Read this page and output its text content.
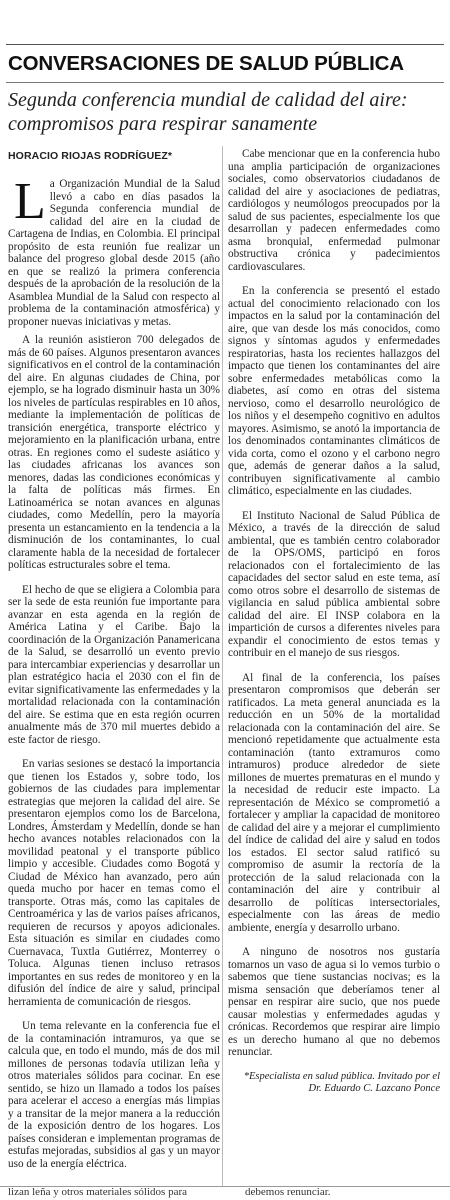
CONVERSACIONES DE SALUD PÚBLICA
Segunda conferencia mundial de calidad del aire: compromisos para respirar sanamente
HORACIO RIOJAS RODRÍGUEZ*

La Organización Mundial de la Salud llevó a cabo en días pasados la Segunda conferencia mundial de calidad del aire en la ciudad de Cartagena de Indias, en Colombia. El principal propósito de esta reunión fue realizar un balance del progreso global desde 2015 (año en que se realizó la primera conferencia después de la aprobación de la resolución de la Asamblea Mundial de la Salud con respecto al problema de la contaminación atmosférica) y proponer nuevas iniciativas y metas.

A la reunión asistieron 700 delegados de más de 60 países. Algunos presentaron avances significativos en el control de la contaminación del aire. En algunas ciudades de China, por ejemplo, se ha logrado disminuir hasta un 30% los niveles de partículas respirables en 10 años, mediante la implementación de políticas de transición energética, transporte eléctrico y mejoramiento en la planificación urbana, entre otras. En regiones como el sudeste asiático y las ciudades africanas los avances son menores, dadas las condiciones económicas y la falta de políticas más firmes. En Latinoamérica se notan avances en algunas ciudades, como Medellín, pero la mayoría presenta un estancamiento en la tendencia a la disminución de los contaminantes, lo cual claramente habla de la necesidad de fortalecer políticas estructurales sobre el tema.

El hecho de que se eligiera a Colombia para ser la sede de esta reunión fue importante para avanzar en esta agenda en la región de América Latina y el Caribe. Bajo la coordinación de la Organización Panamericana de la Salud, se desarrolló un evento previo para intercambiar experiencias y desarrollar un plan estratégico hacia el 2030 con el fin de evitar significativamente las enfermedades y la mortalidad relacionada con la contaminación del aire. Se estima que en esta región ocurren anualmente más de 370 mil muertes debido a este factor de riesgo.

En varias sesiones se destacó la importancia que tienen los Estados y, sobre todo, los gobiernos de las ciudades para implementar estrategias que mejoren la calidad del aire. Se presentaron ejemplos como los de Barcelona, Londres, Ámsterdam y Medellín, donde se han hecho avances notables relacionados con la movilidad peatonal y el transporte público limpio y accesible. Ciudades como Bogotá y Ciudad de México han avanzado, pero aún queda mucho por hacer en temas como el transporte. Otras más, como las capitales de Centroamérica y las de varios países africanos, requieren de recursos y apoyos adicionales. Esta situación es similar en ciudades como Cuernavaca, Tuxtla Gutiérrez, Monterrey o Toluca. Algunas tienen incluso retrasos importantes en sus redes de monitoreo y en la difusión del índice de aire y salud, principal herramienta de comunicación de riesgos.

Un tema relevante en la conferencia fue el de la contaminación intramuros, ya que se calcula que, en todo el mundo, más de dos mil millones de personas todavía utilizan leña y otros materiales sólidos para cocinar. En ese sentido, se hizo un llamado a todos los países para acelerar el acceso a energías más limpias y a transitar de la mejor manera a la reducción de la exposición dentro de los hogares. Los países consideran e implementan programas de estufas mejoradas, subsidios al gas y un mayor uso de la energía eléctrica.

Cabe mencionar que en la conferencia hubo una amplia participación de organizaciones sociales, como observatorios ciudadanos de calidad del aire y asociaciones de pediatras, cardiólogos y neumólogos preocupados por la salud de sus pacientes, especialmente los que desarrollan y padecen enfermedades como asma bronquial, enfermedad pulmonar obstructiva crónica y padecimientos cardiovasculares.

En la conferencia se presentó el estado actual del conocimiento relacionado con los impactos en la salud por la contaminación del aire, que van desde los más conocidos, como signos y síntomas agudos y enfermedades respiratorias, hasta los recientes hallazgos del impacto que tienen los contaminantes del aire sobre enfermedades metabólicas como la diabetes, así como en otras del sistema nervioso, como el desarrollo neurológico de los niños y el desempeño cognitivo en adultos mayores. Asimismo, se anotó la importancia de los denominados contaminantes climáticos de vida corta, como el ozono y el carbono negro que, además de generar daños a la salud, contribuyen significativamente al cambio climático, especialmente en las ciudades.

El Instituto Nacional de Salud Pública de México, a través de la dirección de salud ambiental, que es también centro colaborador de la OPS/OMS, participó en foros relacionados con el fortalecimiento de las capacidades del sector salud en este tema, así como otros sobre el desarrollo de sistemas de vigilancia en salud pública ambiental sobre calidad del aire. El INSP colabora en la impartición de cursos a diferentes niveles para expandir el conocimiento de estos temas y contribuir en el manejo de sus riesgos.

Al final de la conferencia, los países presentaron compromisos que deberán ser ratificados. La meta general anunciada es la reducción en un 50% de la mortalidad relacionada con la contaminación del aire. Se mencionó repetidamente que actualmente esta contaminación (tanto extramuros como intramuros) produce alrededor de siete millones de muertes prematuras en el mundo y la necesidad de reducir este impacto. La representación de México se comprometió a fortalecer y ampliar la capacidad de monitoreo de calidad del aire y a mejorar el cumplimiento del índice de calidad del aire y salud en todos los estados. El sector salud ratificó su compromiso de asumir la rectoría de la protección de la salud relacionada con la contaminación del aire y contribuir al desarrollo de políticas intersectoriales, especialmente con las áreas de medio ambiente, energía y desarrollo urbano.

A ninguno de nosotros nos gustaría tomarnos un vaso de agua si lo vemos turbio o sabemos que tiene sustancias nocivas; es la misma sensación que deberíamos tener al pensar en respirar aire sucio, que nos puede causar molestias y enfermedades agudas y crónicas. Recordemos que respirar aire limpio es un derecho humano al que no debemos renunciar.

*Especialista en salud pública. Invitado por el Dr. Eduardo C. Lazcano Ponce

lizan leña y otros materiales sólidos para	debemos renunciar.
